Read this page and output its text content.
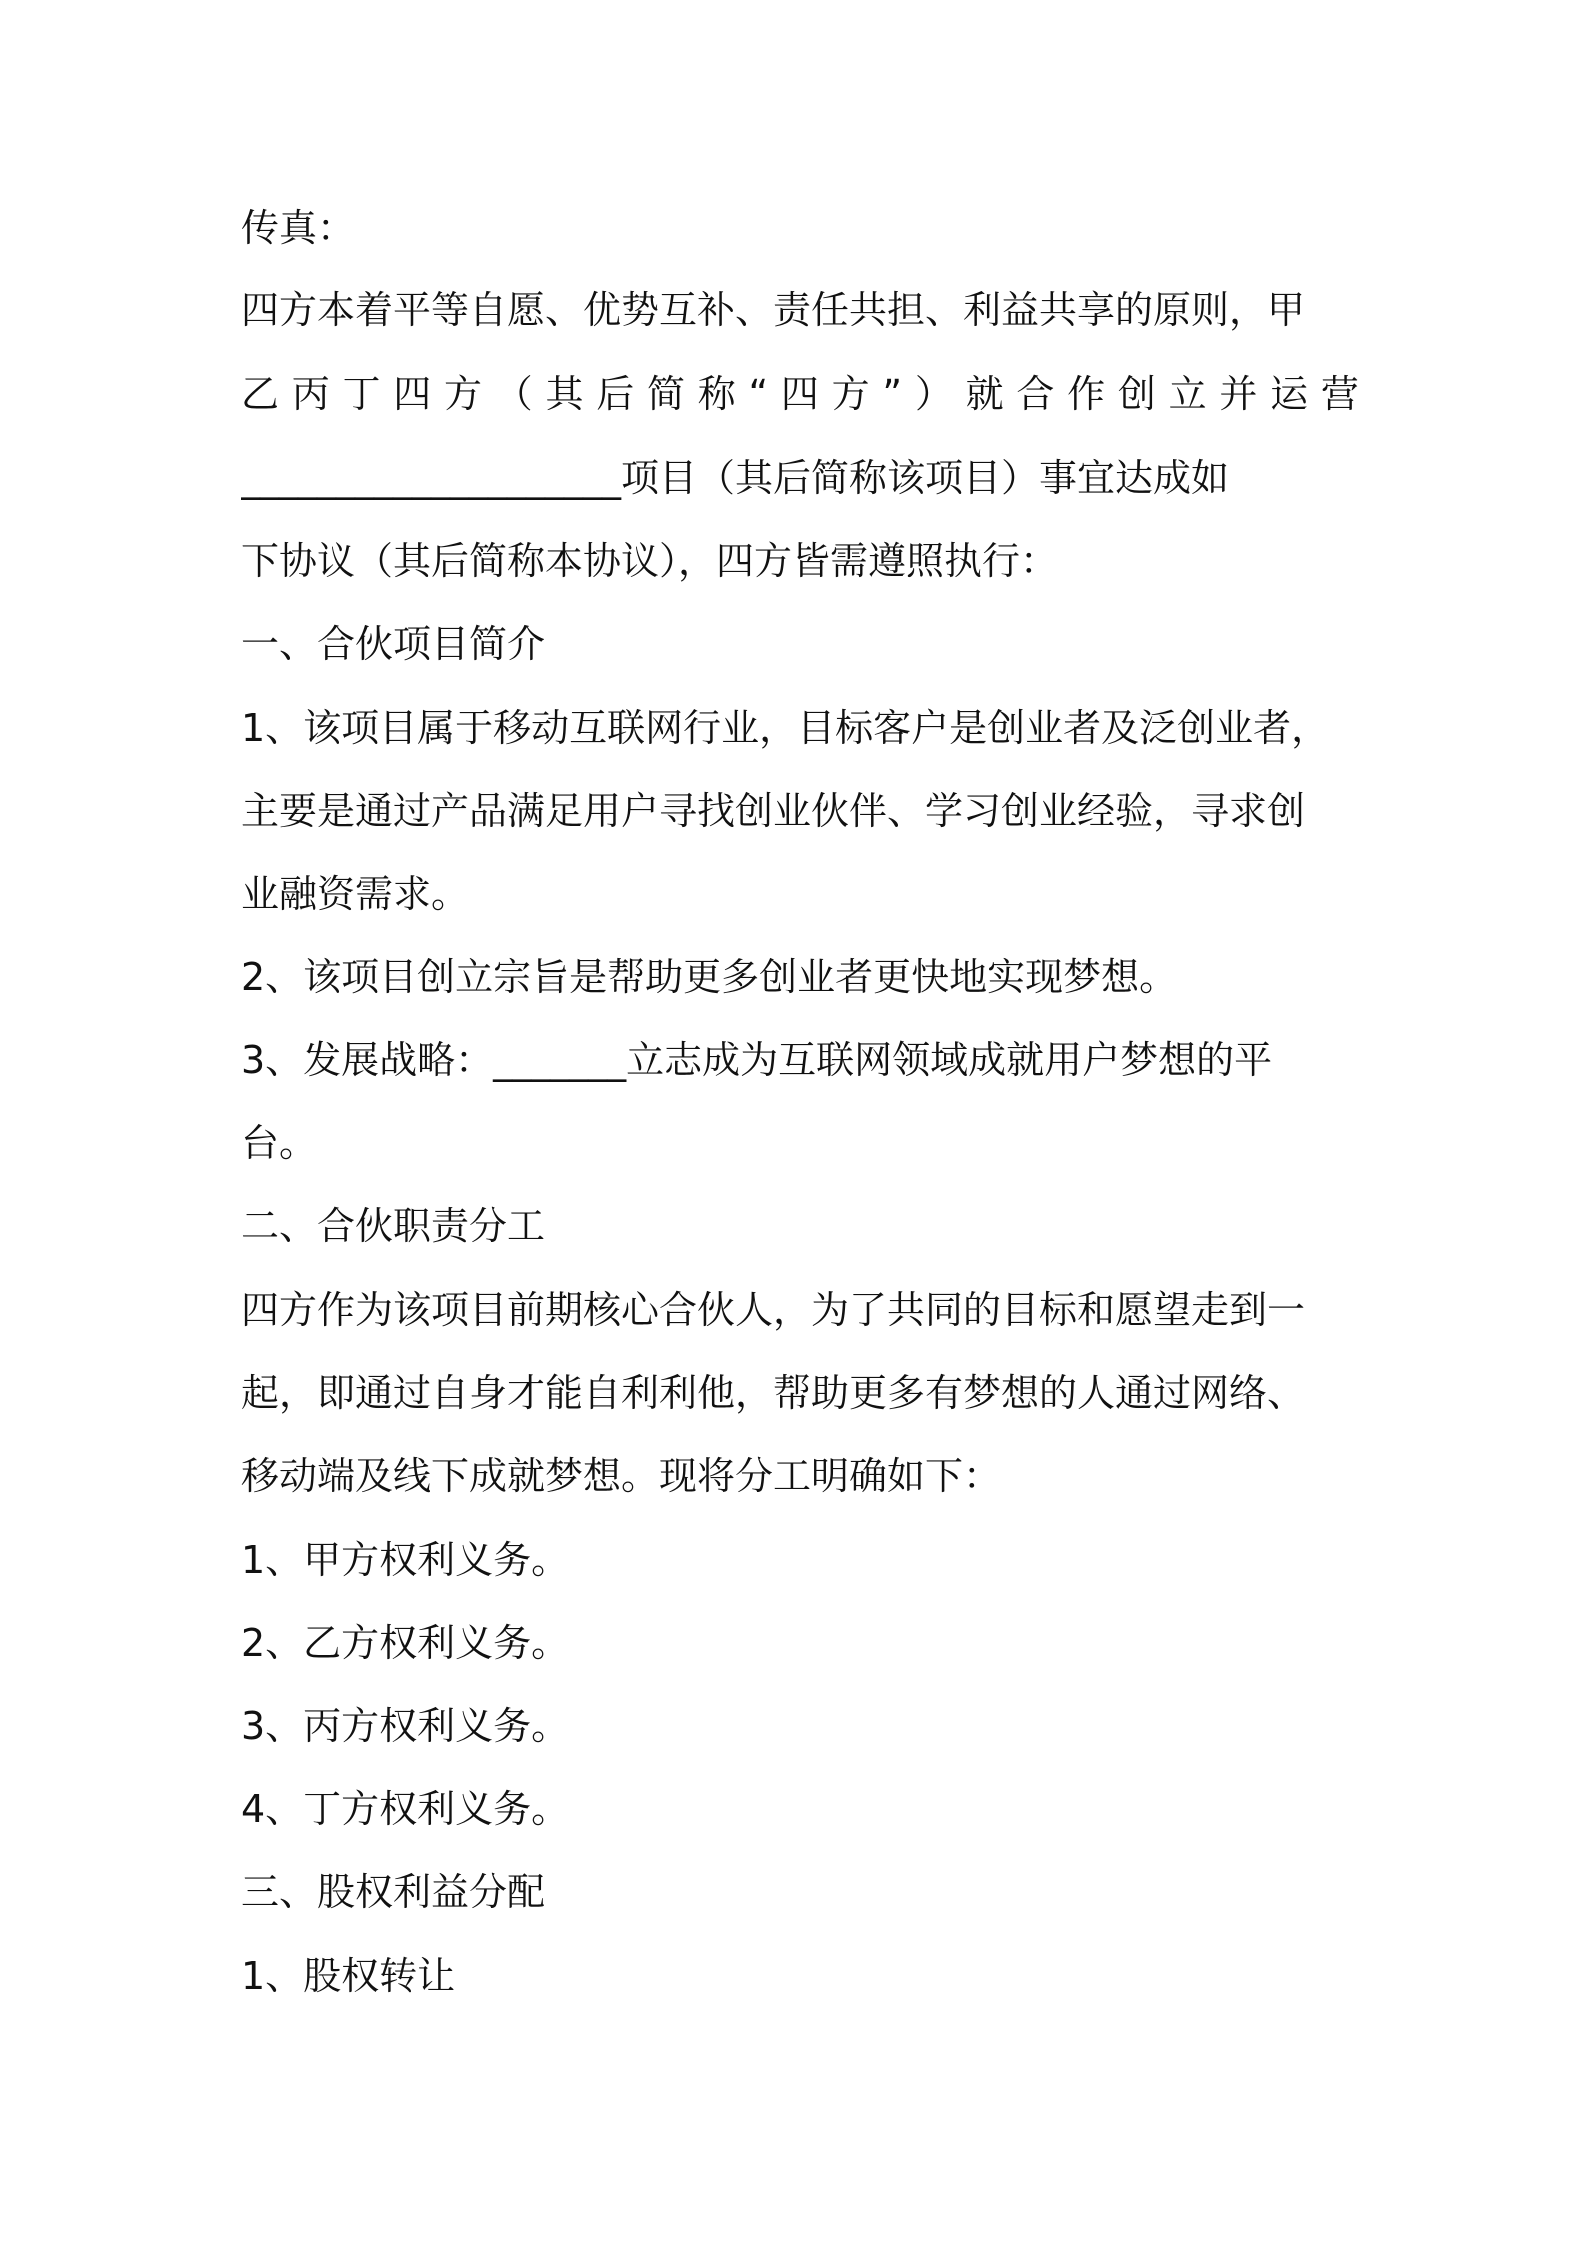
传真：
四方本着平等自愿、优势互补、责任共担、利益共享的原则，甲
乙 丙 丁 四 方 （ 其 后 简 称 “ 四 方 ” ） 就 合 作 创 立 并 运 营
____________________项目（其后简称该项目）事宜达成如
下协议（其后简称本协议），四方皆需遵照执行：
一、合伙项目简介
1、该项目属于移动互联网行业，目标客户是创业者及泛创业者，
主要是通过产品满足用户寻找创业伙伴、学习创业经验，寻求创
业融资需求。
2、该项目创立宗旨是帮助更多创业者更快地实现梦想。
3、发展战略：_______立志成为互联网领域成就用户梦想的平
台。
二、合伙职责分工
四方作为该项目前期核心合伙人，为了共同的目标和愿望走到一
起，即通过自身才能自利利他，帮助更多有梦想的人通过网络、
移动端及线下成就梦想。现将分工明确如下：
1、甲方权利义务。
2、乙方权利义务。
3、丙方权利义务。
4、丁方权利义务。
三、股权利益分配
1、股权转让
